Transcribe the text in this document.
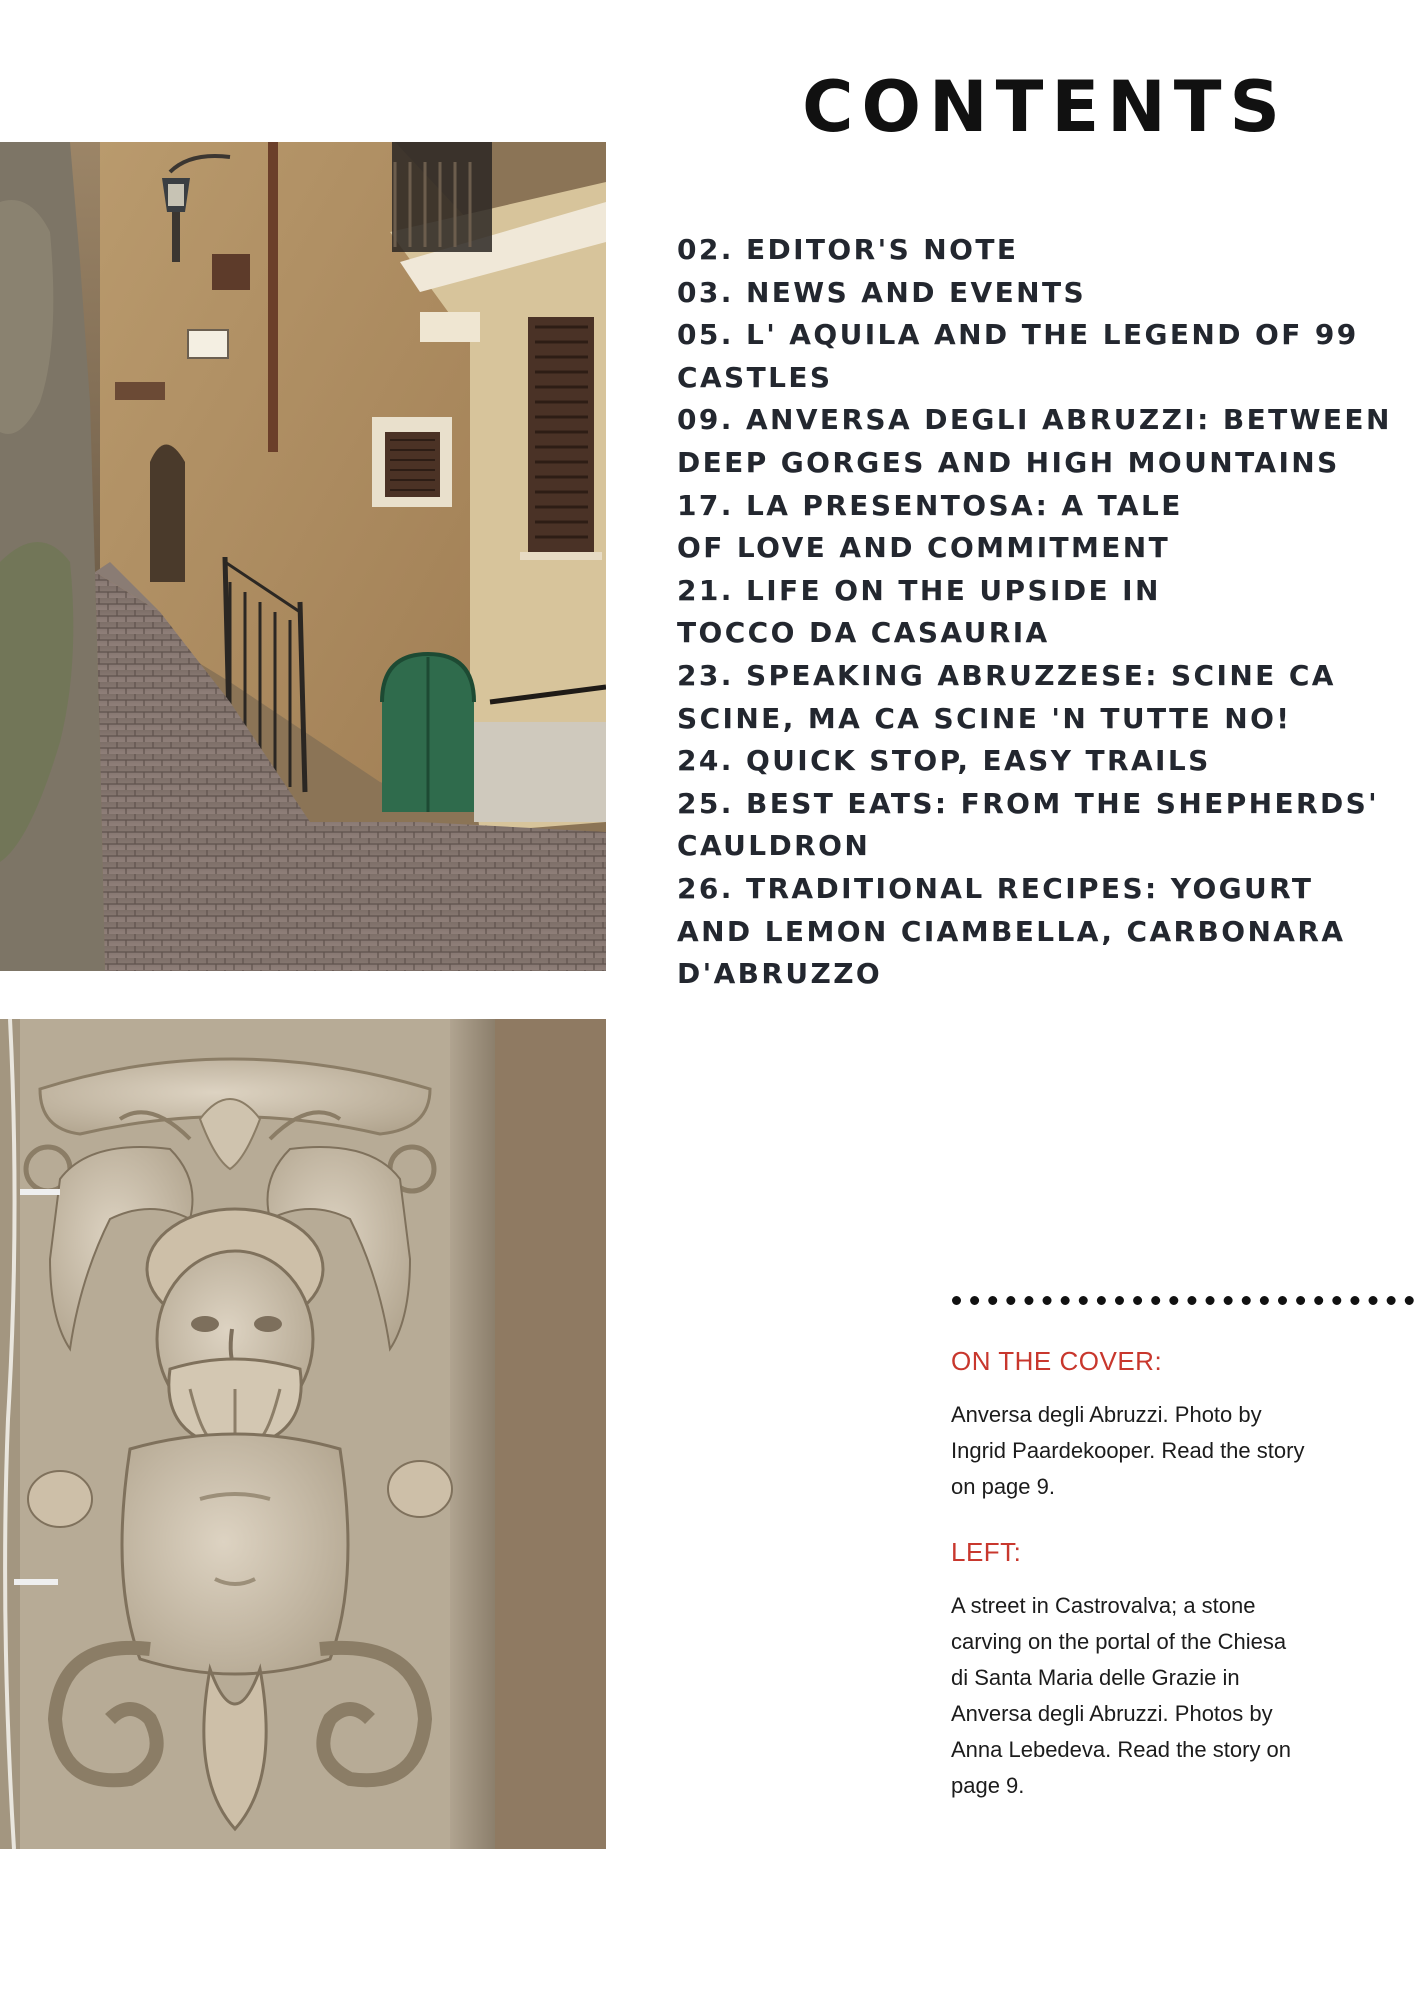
CONTENTS
02. EDITOR'S NOTE
03. NEWS AND EVENTS
05. L' AQUILA AND THE LEGEND OF 99
CASTLES
09. ANVERSA DEGLI ABRUZZI: BETWEEN
DEEP GORGES AND HIGH MOUNTAINS
17. LA PRESENTOSA: A TALE
OF LOVE AND COMMITMENT
21. LIFE ON THE UPSIDE IN
TOCCO DA CASAURIA
23. SPEAKING ABRUZZESE: SCINE CA
SCINE, MA CA SCINE 'N TUTTE NO!
24. QUICK STOP, EASY TRAILS
25. BEST EATS: FROM THE SHEPHERDS'
CAULDRON
26. TRADITIONAL RECIPES: YOGURT
AND LEMON CIAMBELLA, CARBONARA
D'ABRUZZO

ON THE COVER:

Anversa degli Abruzzi. Photo by
Ingrid Paardekooper. Read the story
on page 9.

LEFT:

A street in Castrovalva; a stone
carving on the portal of the Chiesa
di Santa Maria delle Grazie in
Anversa degli Abruzzi. Photos by
Anna Lebedeva. Read the story on
page 9.
